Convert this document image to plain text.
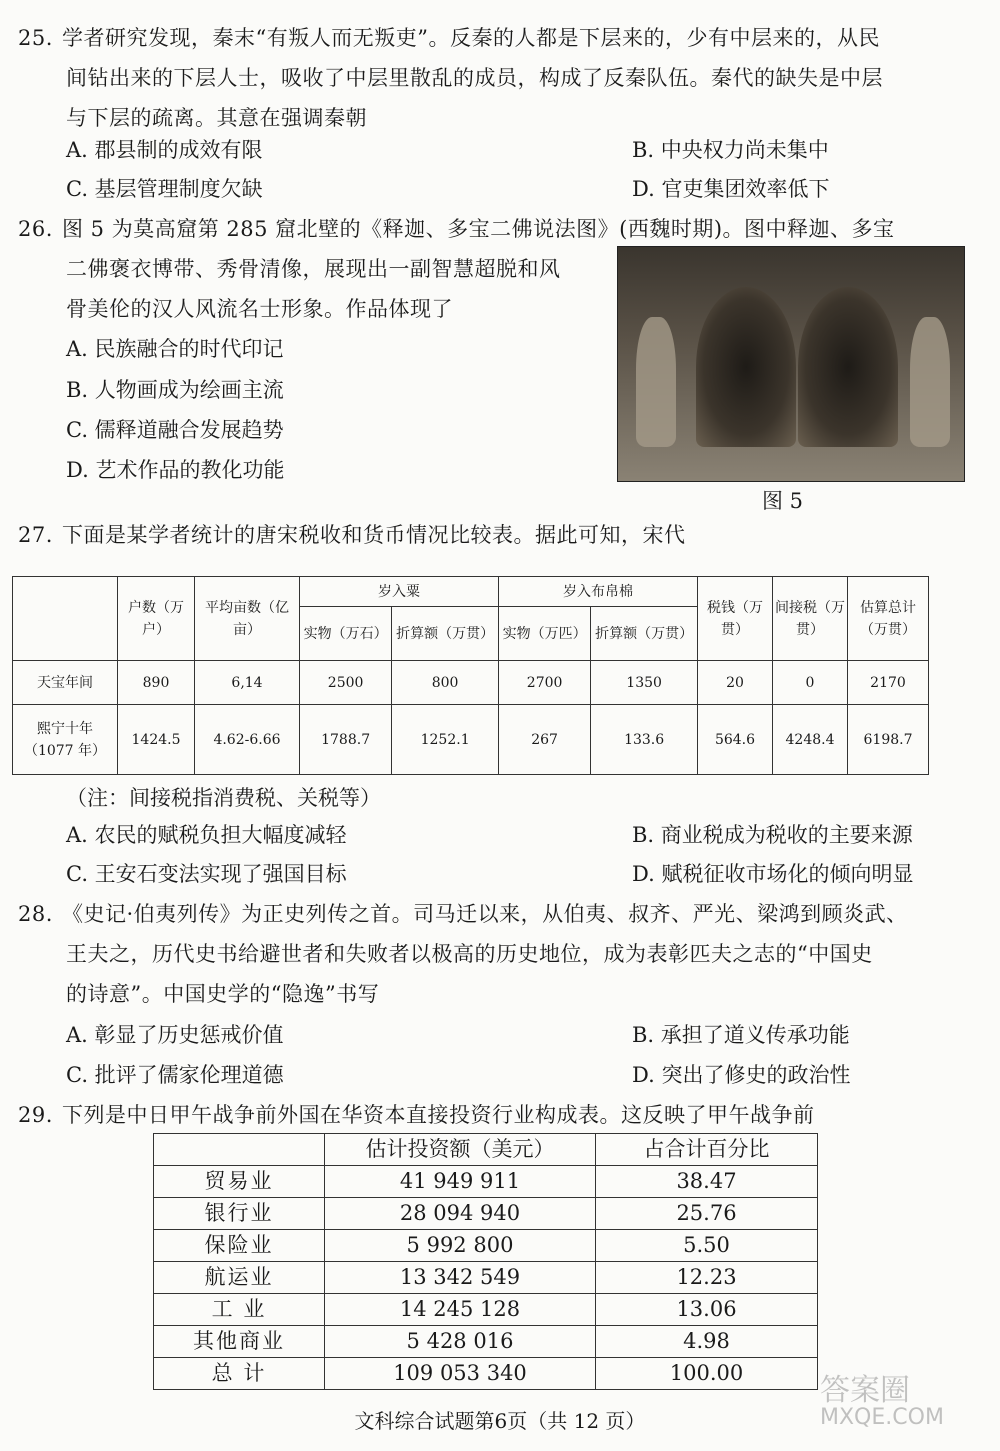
25. 学者研究发现，秦末“有叛人而无叛吏”。反秦的人都是下层来的，少有中层来的，从民

间钻出来的下层人士，吸收了中层里散乱的成员，构成了反秦队伍。秦代的缺失是中层

与下层的疏离。其意在强调秦朝

A. 郡县制的成效有限	B. 中央权力尚未集中
C. 基层管理制度欠缺	D. 官吏集团效率低下

26. 图 5 为莫高窟第 285 窟北壁的《释迦、多宝二佛说法图》(西魏时期)。图中释迦、多宝

二佛褒衣博带、秀骨清像，展现出一副智慧超脱和风

骨美伦的汉人风流名士形象。作品体现了

A. 民族融合的时代印记
B. 人物画成为绘画主流
C. 儒释道融合发展趋势
D. 艺术作品的教化功能
图 5

27. 下面是某学者统计的唐宋税收和货币情况比较表。据此可知，宋代

	户数（万户）	平均亩数（亿亩）	岁入粟		岁入布帛棉		税钱（万贯）	间接税（万贯）	估算总计（万贯）
			实物（万石）	折算额（万贯）	实物（万匹）	折算额（万贯）			
天宝年间	890	6,14	2500	800	2700	1350	20	0	2170
熙宁十年（1077 年）	1424.5	4.62-6.66	1788.7	1252.1	267	133.6	564.6	4248.4	6198.7
（注：间接税指消费税、关税等）
A. 农民的赋税负担大幅度减轻	B. 商业税成为税收的主要来源
C. 王安石变法实现了强国目标	D. 赋税征收市场化的倾向明显

28. 《史记·伯夷列传》为正史列传之首。司马迁以来，从伯夷、叔齐、严光、梁鸿到顾炎武、

王夫之，历代史书给避世者和失败者以极高的历史地位，成为表彰匹夫之志的“中国史

的诗意”。中国史学的“隐逸”书写

A. 彰显了历史惩戒价值	B. 承担了道义传承功能
C. 批评了儒家伦理道德	D. 突出了修史的政治性

29. 下列是中日甲午战争前外国在华资本直接投资行业构成表。这反映了甲午战争前

	估计投资额（美元）	占合计百分比
贸易业	41 949 911	38.47
银行业	28 094 940	25.76
保险业	5 992 800	5.50
航运业	13 342 549	12.23
工 业	14 245 128	13.06
其他商业	5 428 016	4.98
总 计	109 053 340	100.00
文科综合试题第6页（共 12 页）
答案圈
MXQE.COM
